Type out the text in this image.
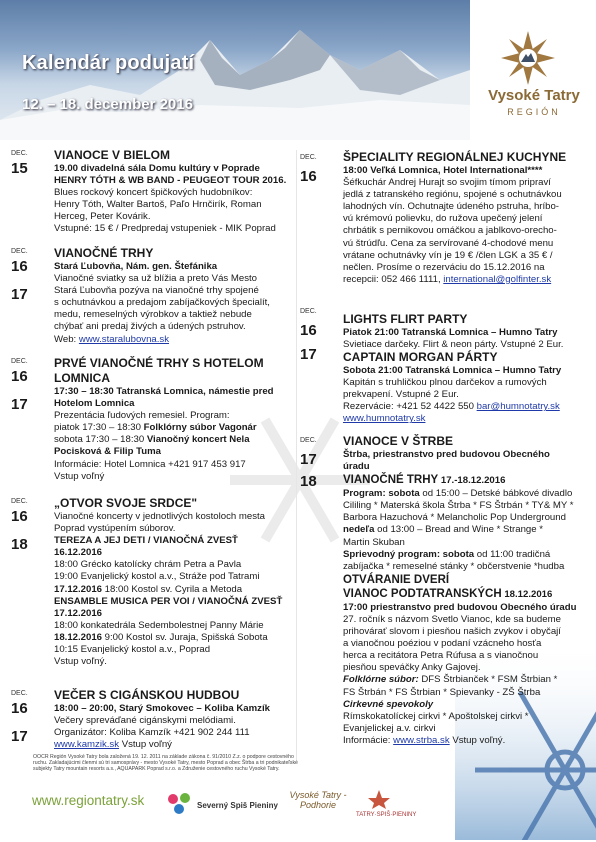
Kalendár podujatí
12. – 18. december 2016
Vysoké Tatry
REGIÓN
VIANOCE V BIELOM
19.00 divadelná sála Domu kultúry v Poprade
HENRY TÓTH & WB BAND - PEUGEOT TOUR 2016.
Blues rockový koncert špičkových hudobníkov:
Henry Tóth, Walter Bartoš, Paľo Hrnčirík, Roman
Herceg, Peter Kovárik.
Vstupné: 15 € / Predpredaj vstupeniek - MIK Poprad
DEC.
15
VIANOČNÉ TRHY
Stará Ľubovňa, Nám. gen. Štefánika
Vianočné sviatky sa už blížia a preto Vás Mesto
Stará Ľubovňa pozýva na vianočné trhy spojené
s ochutnávkou a predajom zabíjačkových špecialít,
medu, remeselných výrobkov a taktiež nebude
chýbať ani predaj živých a údených pstruhov.
Web: www.staralubovna.sk
DEC.
16
17
PRVÉ VIANOČNÉ TRHY S HOTELOM LOMNICA
17:30 – 18:30 Tatranská Lomnica, námestie pred
Hotelom Lomnica
Prezentácia ľudových remesiel. Program:
piatok 17:30 – 18:30 Folklórny súbor Vagonár
sobota 17:30 – 18:30 Vianočný koncert Nela
Pocisková & Filip Tuma
Informácie: Hotel Lomnica +421 917 453 917
Vstup voľný
DEC.
16
17
„OTVOR SVOJE SRDCE"
Vianočné koncerty v jednotlivých kostoloch mesta
Poprad vystúpením súborov.
TEREZA A JEJ DETI / VIANOČNÁ ZVESŤ
16.12.2016
18:00 Grécko katolícky chrám Petra a Pavla
19:00 Evanjelický kostol a.v., Stráže pod Tatrami
17.12.2016 18:00 Kostol sv. Cyrila a Metoda
ENSAMBLE MUSICA PER VOI / VIANOČNÁ ZVESŤ
17.12.2016
18:00 konkatedrála Sedembolestnej Panny Márie
18.12.2016 9:00 Kostol sv. Juraja, Spišská Sobota
10:15 Evanjelický kostol a.v., Poprad
Vstup voľný.
DEC.
16
18
VEČER S CIGÁNSKOU HUDBOU
18:00 – 20:00, Starý Smokovec – Koliba Kamzík
Večery spreváďané cigánskymi melódiami.
Organizátor: Koliba Kamzík +421 902 244 111
www.kamzik.sk Vstup voľný
DEC.
16
17
ŠPECIALITY REGIONÁLNEJ KUCHYNE
18:00 Veľká Lomnica, Hotel International****
Šéfkuchár Andrej Hurajt so svojim tímom pripraví
jedlá z tatranského regiónu, spojené s ochutnávkou
lahodných vín. Ochutnajte údeného pstruha, hríbo-
vú krémovú polievku, do ružova upečený jelení
chrbátik s pernikovou omáčkou a jablkovo-orecho-
vú štrúdľu. Cena za servírované 4-chodové menu
vrátane ochutnávky vín je 19 € /člen LGK a 35 € /
nečlen. Prosíme o rezerváciu do 15.12.2016 na
recepcii: 052 466 1111, international@golfinter.sk
DEC.
16
LIGHTS FLIRT PARTY
Piatok 21:00 Tatranská Lomnica – Humno Tatry
Svietiace darčeky. Flirt & neon párty. Vstupné 2 Eur.
DEC.
16
17 CAPTAIN MORGAN PÁRTY
Sobota 21:00 Tatranská Lomnica – Humno Tatry
Kapitán s truhličkou plnou darčekov a rumových
prekvapení. Vstupné 2 Eur.
Rezervácie: +421 52 4422 550 bar@humnotatry.sk
www.humnotatry.sk
VIANOCE V ŠTRBE
Štrba, priestranstvo pred budovou Obecného úradu
VIANOČNÉ TRHY 17.-18.12.2016
Program: sobota od 15:00 – Detské bábkové divadlo
Cililing * Materská škola Štrba * FS Štrbán * TY& MY *
Barbora Hazuchová * Melancholic Pop Underground
nedeľa od 13:00 – Bread and Wine * Strange *
Martin Skuban
Sprievodný program: sobota od 11:00 tradičná
zabíjačka * remeselné stánky * občerstvenie *hudba
OTVÁRANIE DVERÍ
VIANOC PODTATRANSKÝCH 18.12.2016
17:00 priestranstvo pred budovou Obecného úradu
27. ročník s názvom Svetlo Vianoc, kde sa budeme
prihovárať slovom i piesňou našich zvykov i obyčají
a vianočnou poéziou v podaní vzácneho hosťa
herca a recitátora Petra Rúfusa a s vianočnou
piesňou speváčky Anky Gajovej.
Folklórne súbor: DFS Štrbianček * FSM Štrbian *
FS Štrbán * FS Štrbian * Spievanky - ZŠ Štrba
Cirkevné spevokoly
Rímskokatolíckej cirkvi * Apoštolskej cirkvi *
Evanjelickej a.v. cirkvi
Informácie: www.strba.sk Vstup voľný.
DEC.
17
18
OOCR Región Vysoké Tatry bola založená 19. 12. 2011 na základe zákona č. 91/2010 Z.z. o podpore cestovného ruchu. Zakladajúcimi členmi sú tri samosprávy - mesto Vysoké Tatry, mesto Poprad a obec Štrba a tri podnikateľské subjekty Tatry mountain resorts a.s., AQUAPARK Poprad s.r.o. a Združenie cestovného ruchu Vysoké Tatry.
www.regiontatry.sk	Severný Spiš Pieniny
Vysoké Tatry - Podhorie
TATRY·SPIŠ·PIENINY
